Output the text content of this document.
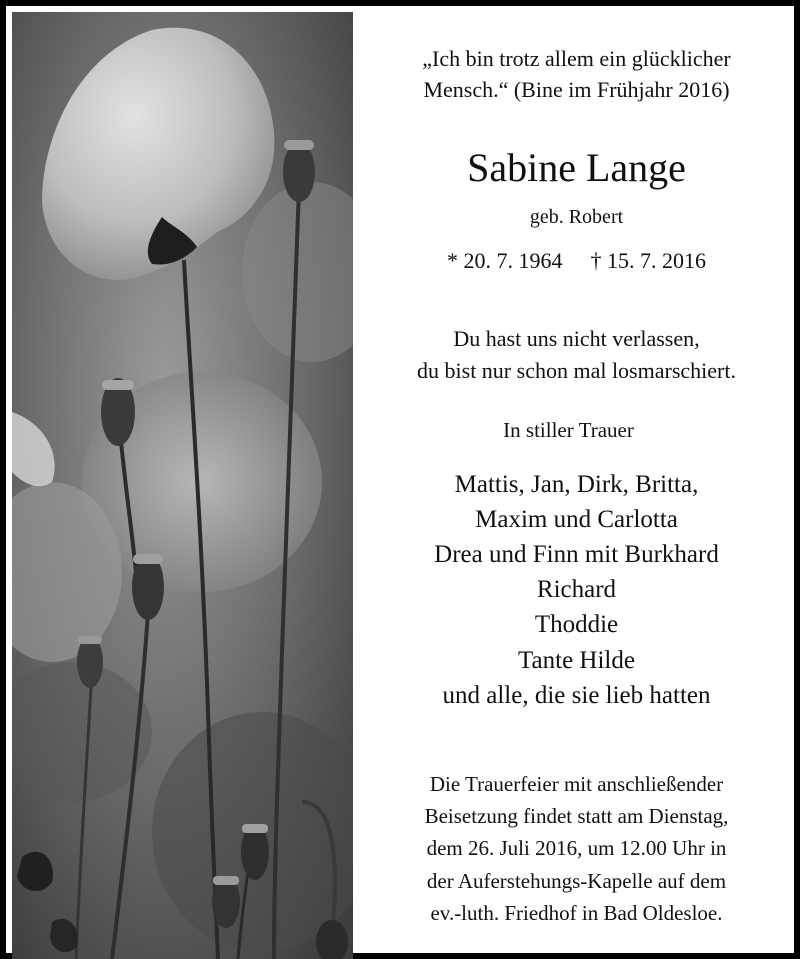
„Ich bin trotz allem ein glücklicher
Mensch.“ (Bine im Frühjahr 2016)
Sabine Lange
geb. Robert
* 20. 7. 1964 † 15. 7. 2016
Du hast uns nicht verlassen,
du bist nur schon mal losmarschiert.
In stiller Trauer
Mattis, Jan, Dirk, Britta,
Maxim und Carlotta
Drea und Finn mit Burkhard
Richard
Thoddie
Tante Hilde
und alle, die sie lieb hatten
Die Trauerfeier mit anschließender
Beisetzung findet statt am Dienstag,
dem 26. Juli 2016, um 12.00 Uhr in
der Auferstehungs-Kapelle auf dem
ev.-luth. Friedhof in Bad Oldesloe.
